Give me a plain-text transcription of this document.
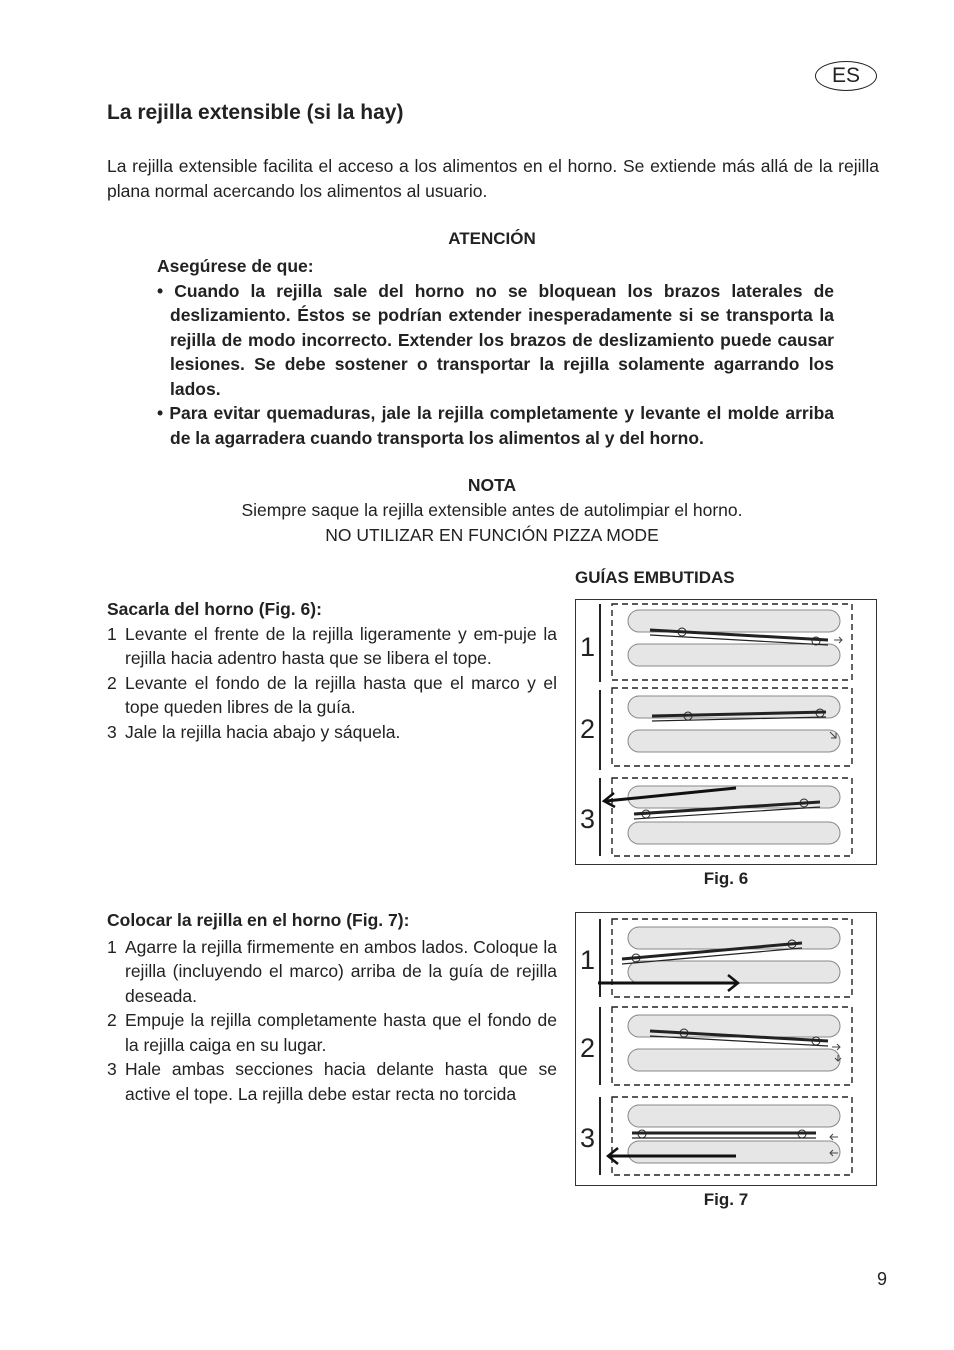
ES
La rejilla extensible (si la hay)
La rejilla extensible facilita el acceso a los alimentos en el horno. Se extiende más allá de la rejilla plana normal acercando los alimentos al usuario.
ATENCIÓN
Asegúrese de que:
• Cuando la rejilla sale del horno no se bloquean los brazos laterales de deslizamiento. Éstos se podrían extender inesperadamente si se transporta la rejilla de modo incorrecto. Extender los brazos de deslizamiento puede causar lesiones. Se debe sostener o transportar la rejilla solamente agarrando los lados.
• Para evitar quemaduras, jale la rejilla completamente y levante el molde arriba de la agarradera cuando transporta los alimentos al y del horno.
NOTA
Siempre saque la rejilla extensible antes de autolimpiar el horno.
NO UTILIZAR EN FUNCIÓN PIZZA MODE
GUÍAS EMBUTIDAS
Sacarla del horno (Fig. 6):
1 Levante el frente de la rejilla ligeramente y em-puje la rejilla hacia adentro hasta que se libera el tope.
2 Levante el fondo de la rejilla hasta que el marco y el tope queden libres de la guía.
3 Jale la rejilla hacia abajo y sáquela.
1
2
3
Fig. 6
Colocar la rejilla en el horno (Fig. 7):
1 Agarre la rejilla firmemente en ambos lados. Coloque la rejilla (incluyendo el marco) arriba de la guía de rejilla deseada.
2 Empuje la rejilla completamente hasta que el fondo de la rejilla caiga en su lugar.
3 Hale ambas secciones hacia delante hasta que se active el tope. La rejilla debe estar recta no torcida
1
2
3
Fig. 7
9
